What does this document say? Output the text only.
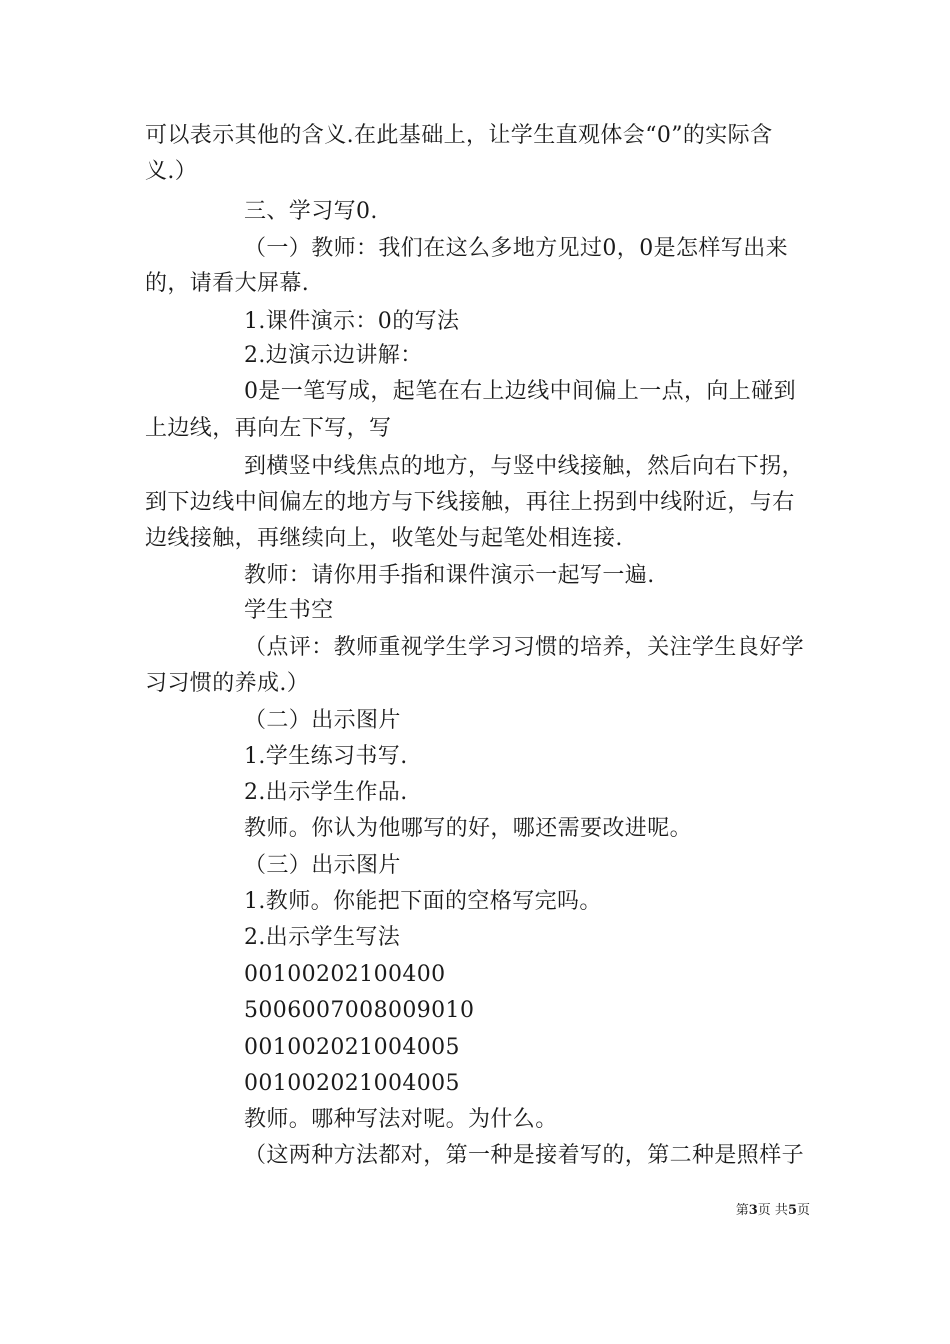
可以表示其他的含义.在此基础上，让学生直观体会“0”的实际含
义.）
三、学习写0.
（一）教师：我们在这么多地方见过0，0是怎样写出来
的，请看大屏幕.
1.课件演示：0的写法
2.边演示边讲解：
0是一笔写成，起笔在右上边线中间偏上一点，向上碰到
上边线，再向左下写，写
到横竖中线焦点的地方，与竖中线接触，然后向右下拐，
到下边线中间偏左的地方与下线接触，再往上拐到中线附近，与右
边线接触，再继续向上，收笔处与起笔处相连接.
教师：请你用手指和课件演示一起写一遍.
学生书空
（点评：教师重视学生学习习惯的培养，关注学生良好学
习习惯的养成.）
（二）出示图片
1.学生练习书写.
2.出示学生作品.
教师。你认为他哪写的好，哪还需要改进呢。
（三）出示图片
1.教师。你能把下面的空格写完吗。
2.出示学生写法
00100202100400
5006007008009010
001002021004005
001002021004005
教师。哪种写法对呢。为什么。
（这两种方法都对，第一种是接着写的，第二种是照样子
第3页 共5页
